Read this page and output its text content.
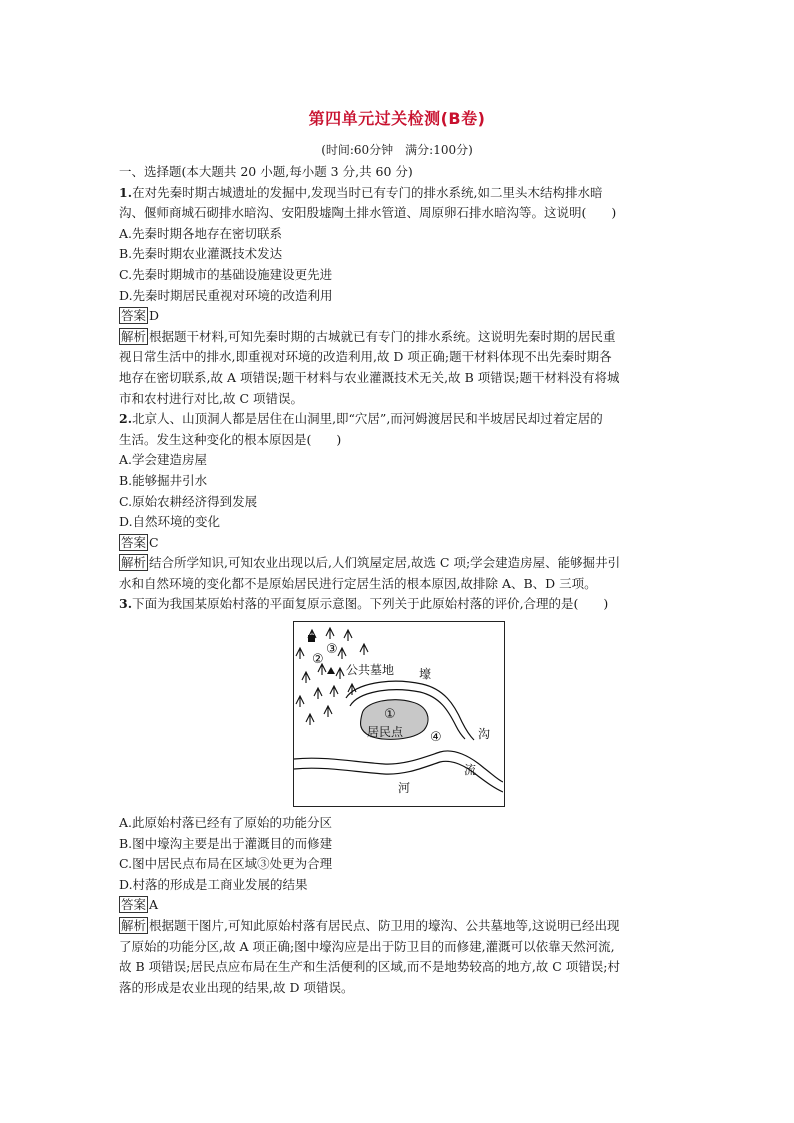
第四单元过关检测(B卷)
(时间:60分钟　满分:100分)
一、选择题(本大题共 20 小题,每小题 3 分,共 60 分)
1.在对先秦时期古城遗址的发掘中,发现当时已有专门的排水系统,如二里头木结构排水暗
沟、偃师商城石砌排水暗沟、安阳殷墟陶土排水管道、周原卵石排水暗沟等。这说明(　　)
A.先秦时期各地存在密切联系
B.先秦时期农业灌溉技术发达
C.先秦时期城市的基础设施建设更先进
D.先秦时期居民重视对环境的改造利用
答案 D
解析 根据题干材料,可知先秦时期的古城就已有专门的排水系统。这说明先秦时期的居民重
视日常生活中的排水,即重视对环境的改造利用,故 D 项正确;题干材料体现不出先秦时期各
地存在密切联系,故 A 项错误;题干材料与农业灌溉技术无关,故 B 项错误;题干材料没有将城
市和农村进行对比,故 C 项错误。
2.北京人、山顶洞人都是居住在山洞里,即“穴居”,而河姆渡居民和半坡居民却过着定居的
生活。发生这种变化的根本原因是(　　)
A.学会建造房屋
B.能够掘井引水
C.原始农耕经济得到发展
D.自然环境的变化
答案 C
解析 结合所学知识,可知农业出现以后,人们筑屋定居,故选 C 项;学会建造房屋、能够掘井引
水和自然环境的变化都不是原始居民进行定居生活的根本原因,故排除 A、B、D 三项。
3.下面为我国某原始村落的平面复原示意图。下列关于此原始村落的评价,合理的是(　　)
②
③
公共墓地 壕
沟
①
居民点 ④
河
流
A.此原始村落已经有了原始的功能分区
B.图中壕沟主要是出于灌溉目的而修建
C.图中居民点布局在区域③处更为合理
D.村落的形成是工商业发展的结果
答案 A
解析 根据题干图片,可知此原始村落有居民点、防卫用的壕沟、公共墓地等,这说明已经出现
了原始的功能分区,故 A 项正确;图中壕沟应是出于防卫目的而修建,灌溉可以依靠天然河流,
故 B 项错误;居民点应布局在生产和生活便利的区域,而不是地势较高的地方,故 C 项错误;村
落的形成是农业出现的结果,故 D 项错误。
